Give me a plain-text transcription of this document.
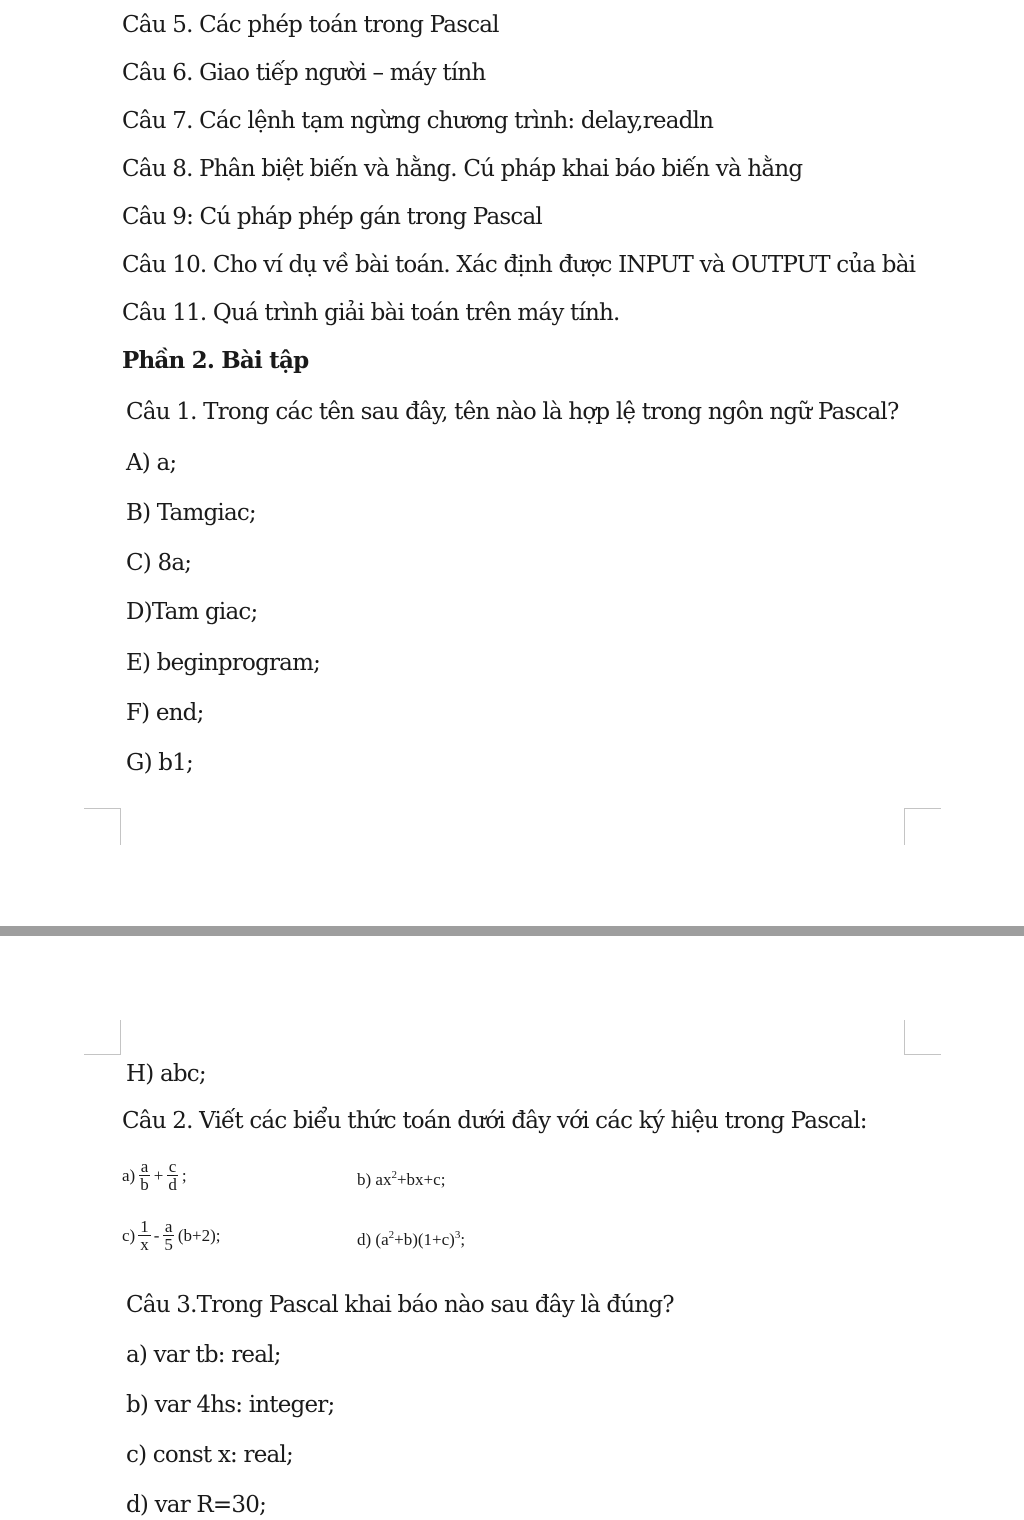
Câu 5. Các phép toán trong Pascal
Câu 6. Giao tiếp người – máy tính
Câu 7. Các lệnh tạm ngừng chương trình: delay,readln
Câu 8. Phân biệt biến và hằng. Cú pháp khai báo biến và hằng
Câu 9: Cú pháp phép gán trong Pascal
Câu 10. Cho ví dụ về bài toán. Xác định được INPUT và OUTPUT của bài
Câu 11. Quá trình giải bài toán trên máy tính.
Phần 2. Bài tập
Câu 1. Trong các tên sau đây, tên nào là hợp lệ trong ngôn ngữ Pascal?
A) a;
B) Tamgiac;
C) 8a;
D)Tam giac;
E) beginprogram;
F) end;
G) b1;
H) abc;
Câu 2. Viết các biểu thức toán dưới đây với các ký hiệu trong Pascal:
$a) \frac{a}{b} + \frac{c}{d}$ ;	b)
ax 2 +bx+c;
$c) \frac{1}{x} - \frac{a}{5} (b+2)$;	d)
(a 2 +b)(1+c) 3 ;
Câu 3.Trong Pascal khai báo nào sau đây là đúng?
a) var tb: real;
b) var 4hs: integer;
c) const x: real;
d) var R=30;
